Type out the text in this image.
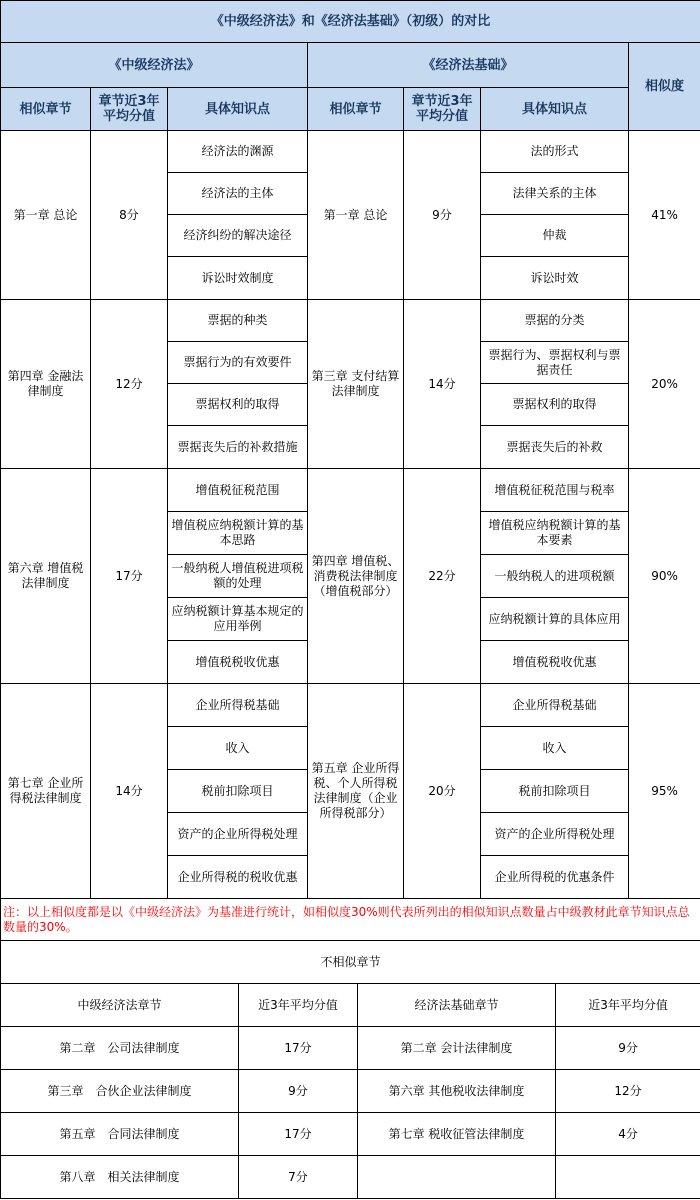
《中级经济法》和《经济法基础》（初级）的对比						
《中级经济法》			《经济法基础》			相似度
相似章节	章节近3年平均分值	具体知识点	相似章节	章节近3年平均分值	具体知识点	
第一章 总论	8分	经济法的渊源	第一章 总论	9分	法的形式	41%
		经济法的主体			法律关系的主体	
		经济纠纷的解决途径			仲裁	
		诉讼时效制度			诉讼时效	
第四章 金融法律制度	12分	票据的种类	第三章 支付结算法律制度	14分	票据的分类	20%
		票据行为的有效要件			票据行为、票据权利与票据责任	
		票据权利的取得			票据权利的取得	
		票据丧失后的补救措施			票据丧失后的补救	
第六章 增值税法律制度	17分	增值税征税范围	第四章 增值税、消费税法律制度（增值税部分）	22分	增值税征税范围与税率	90%
		增值税应纳税额计算的基本思路			增值税应纳税额计算的基本要素	
		一般纳税人增值税进项税额的处理			一般纳税人的进项税额	
		应纳税额计算基本规定的应用举例			应纳税额计算的具体应用	
		增值税税收优惠			增值税税收优惠	
第七章 企业所得税法律制度	14分	企业所得税基础	第五章 企业所得税、个人所得税法律制度（企业所得税部分）	20分	企业所得税基础	95%
		收入			收入	
		税前扣除项目			税前扣除项目	
		资产的企业所得税处理			资产的企业所得税处理	
		企业所得税的税收优惠			企业所得税的优惠条件	
注：以上相似度都是以《中级经济法》为基准进行统计，如相似度30%则代表所列出的相似知识点数量占中级教材此章节知识点总数量的30%。						
不相似章节			
中级经济法章节	近3年平均分值	经济法基础章节	近3年平均分值
第二章　公司法律制度	17分	第二章 会计法律制度	9分
第三章　合伙企业法律制度	9分	第六章 其他税收法律制度	12分
第五章　合同法律制度	17分	第七章 税收征管法律制度	4分
第八章　相关法律制度	7分		
